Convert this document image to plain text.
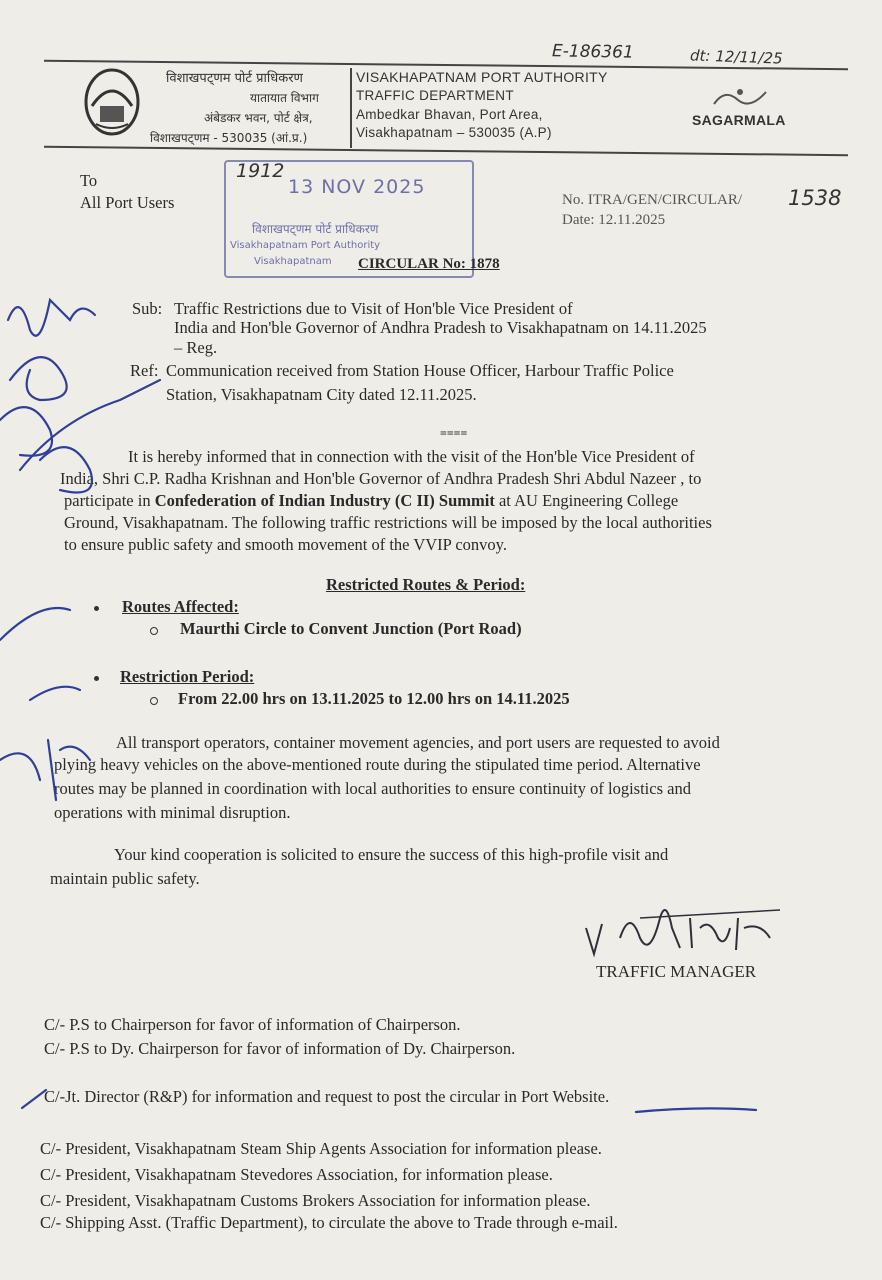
E-186361	dt: 12/11/25
विशाखपट्णम पोर्ट प्राधिकरण
यातायात विभाग
अंबेडकर भवन, पोर्ट क्षेत्र,
विशाखपट्णम - 530035 (आं.प्र.)
VISAKHAPATNAM PORT AUTHORITY
TRAFFIC DEPARTMENT
Ambedkar Bhavan, Port Area,
Visakhapatnam – 530035 (A.P)
SAGARMALA
1912
13 NOV 2025
विशाखपट्णम पोर्ट प्राधिकरण
Visakhapatnam Port Authority
Visakhapatnam
To
All Port Users	No. ITRA/GEN/CIRCULAR/ 1538
Date: 12.11.2025
CIRCULAR No: 1878
Sub: Traffic Restrictions due to Visit of Hon'ble Vice President of
India and Hon'ble Governor of Andhra Pradesh to Visakhapatnam on 14.11.2025
– Reg.
Ref: Communication received from Station House Officer, Harbour Traffic Police
Station, Visakhapatnam City dated 12.11.2025.
====
It is hereby informed that in connection with the visit of the Hon'ble Vice President of
India, Shri C.P. Radha Krishnan and Hon'ble Governor of Andhra Pradesh Shri Abdul Nazeer , to
participate in Confederation of Indian Industry (C II) Summit at AU Engineering College
Ground, Visakhapatnam. The following traffic restrictions will be imposed by the local authorities
to ensure public safety and smooth movement of the VVIP convoy.
Restricted Routes & Period:
Routes Affected:
Maurthi Circle to Convent Junction (Port Road)
Restriction Period:
From 22.00 hrs on 13.11.2025 to 12.00 hrs on 14.11.2025
All transport operators, container movement agencies, and port users are requested to avoid
plying heavy vehicles on the above-mentioned route during the stipulated time period. Alternative
routes may be planned in coordination with local authorities to ensure continuity of logistics and
operations with minimal disruption.
Your kind cooperation is solicited to ensure the success of this high-profile visit and
maintain public safety.
TRAFFIC MANAGER
C/- P.S to Chairperson for favor of information of Chairperson.
C/- P.S to Dy. Chairperson for favor of information of Dy. Chairperson.
C/-Jt. Director (R&P) for information and request to post the circular in Port Website.
C/- President, Visakhapatnam Steam Ship Agents Association for information please.
C/- President, Visakhapatnam Stevedores Association, for information please.
C/- President, Visakhapatnam Customs Brokers Association for information please.
C/- Shipping Asst. (Traffic Department), to circulate the above to Trade through e-mail.
